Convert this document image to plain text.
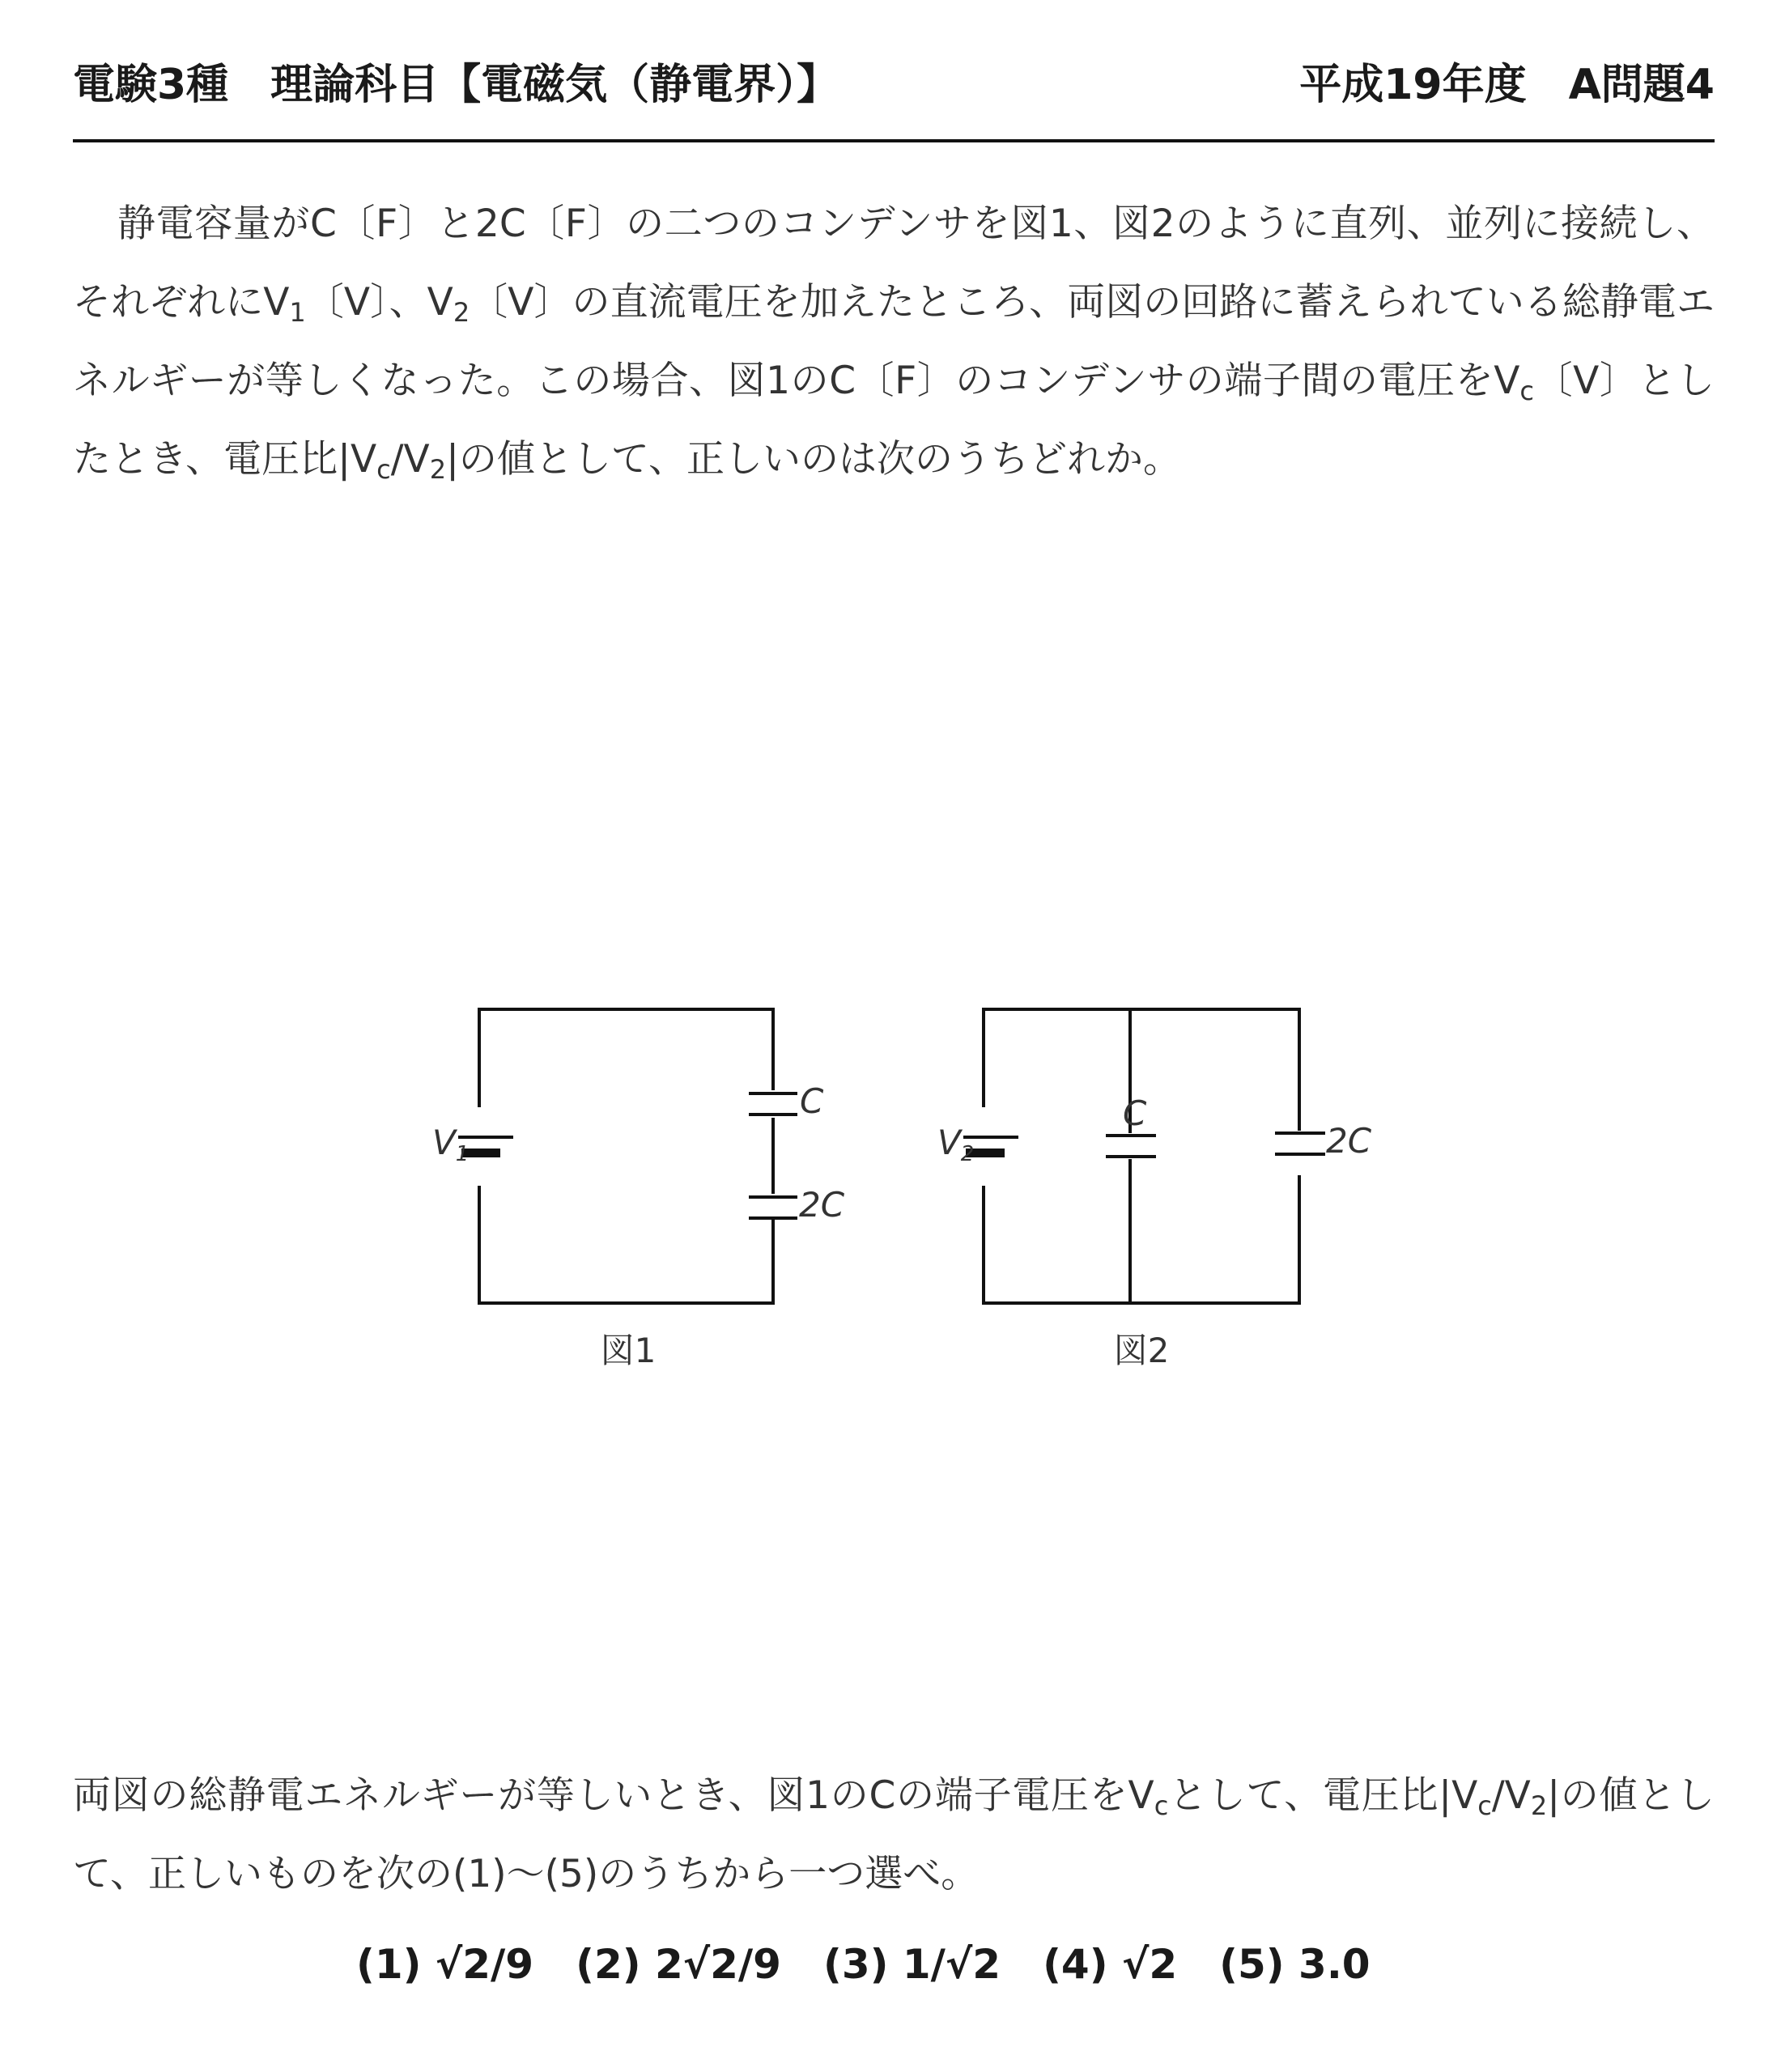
電験3種　理論科目【電磁気（静電界）】	平成19年度　A問題4
静電容量がC〔F〕と2C〔F〕の二つのコンデンサを図1、図2のように直列、並列に接続し、それぞれに$V_1$〔V〕、$V_2$〔V〕の直流電圧を加えたところ、両図の回路に蓄えられている総静電エネルギーが等しくなった。この場合、図1のC〔F〕のコンデンサの端子間の電圧を$V_c$〔V〕としたとき、電圧比$|V_c/V_2|$の値として、正しいのは次のうちどれか。
V1
C
2C
図1
V2
C
2C
図2
両図の総静電エネルギーが等しいとき、図1のCの端子電圧を$V_c$として、電圧比$|V_c/V_2|$の値として、正しいものを次の(1)～(5)のうちから一つ選べ。
(1) √2/9 (2) 2√2/9 (3) 1/√2 (4) √2 (5) 3.0
